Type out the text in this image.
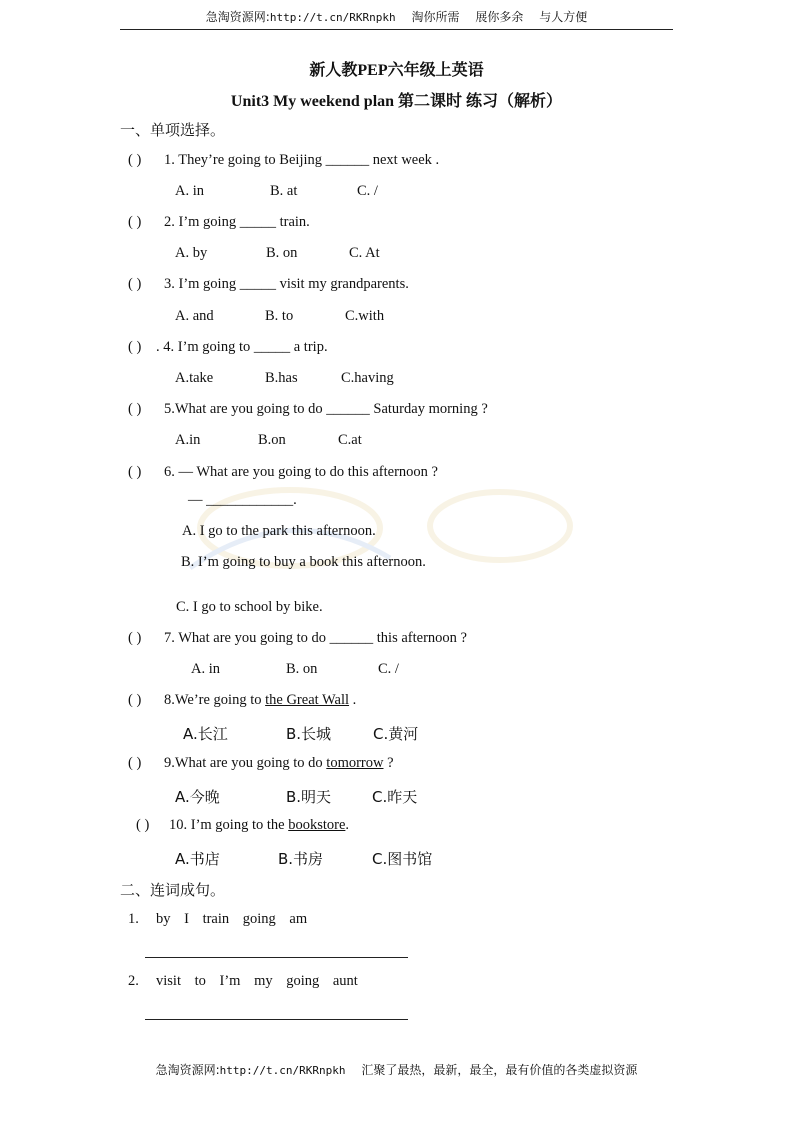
急淘资源网:http://t.cn/RKRnpkh 淘你所需 展你多余 与人方便
新人教PEP六年级上英语
Unit3 My weekend plan 第二课时 练习（解析）
一、单项选择。
( ) 1. They’re going to Beijing ______ next week .
A. in	B. at	C. /
( ) 2. I’m going _____ train.
A. by	B. on	C. At
( ) 3. I’m going _____ visit my grandparents.
A. and	B. to	C.with
( ) . 4. I’m going to _____ a trip.
A.take	B.has	C.having
( ) 5.What are you going to do ______ Saturday morning ?
A.in	B.on	C.at
( ) 6. — What are you going to do this afternoon ?
— ____________.
A. I go to the park this afternoon.
B. I’m going to buy a book this afternoon.
C. I go to school by bike.
( ) 7. What are you going to do ______ this afternoon ?
A. in	B. on	C. /
( ) 8.We’re going to the Great Wall .
A.长江	B.长城	C.黄河
( ) 9.What are you going to do tomorrow ?
A.今晚	B.明天	C.昨天
( ) 10. I’m going to the bookstore.
A.书店	B.书房	C.图书馆
二、连词成句。
1. by I train going am
2. visit to I’m my going aunt
急淘资源网:http://t.cn/RKRnpkh 汇聚了最热，最新，最全，最有价值的各类虚拟资源
